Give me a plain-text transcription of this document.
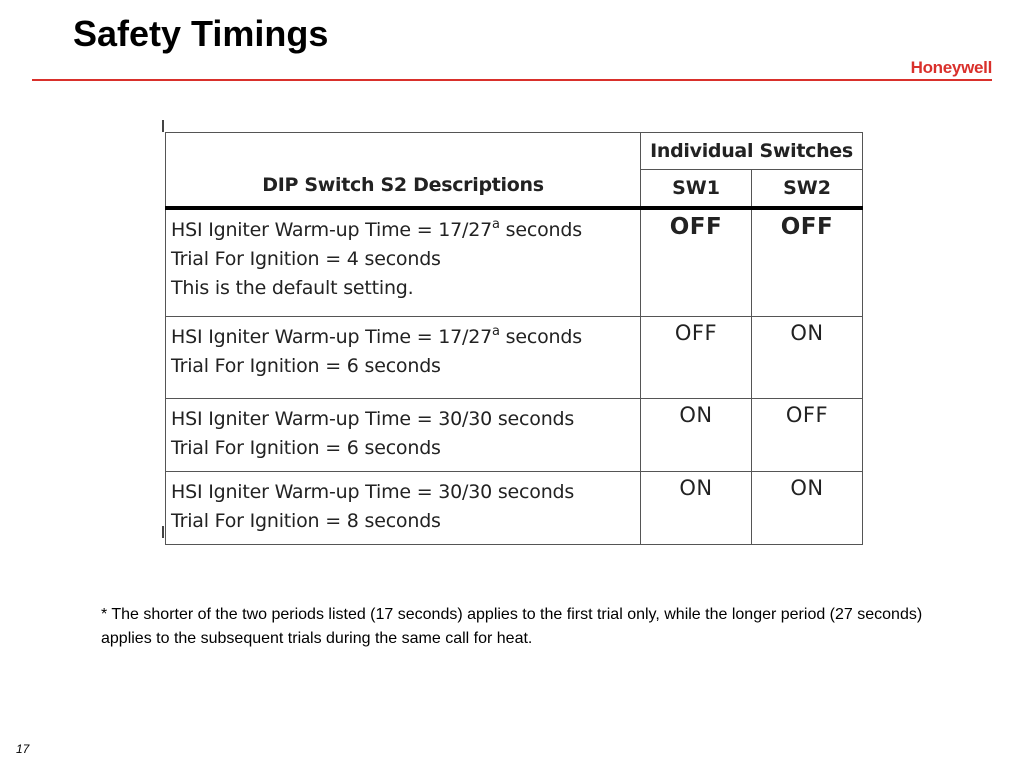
Safety Timings
Honeywell
DIP Switch S2 Descriptions	Individual Switches	
	SW1	SW2

HSI Igniter Warm-up Time = $17/27^a$ seconds
Trial For Ignition = 4 seconds
This is the default setting.	OFF	OFF

HSI Igniter Warm-up Time = $17/27^a$ seconds
Trial For Ignition = 6 seconds	OFF	ON

HSI Igniter Warm-up Time = 30/30 seconds
Trial For Ignition = 6 seconds	ON	OFF

HSI Igniter Warm-up Time = 30/30 seconds
Trial For Ignition = 8 seconds	ON	ON
* The shorter of the two periods listed (17 seconds) applies to the first trial only, while the longer period (27 seconds) applies to the subsequent trials during the same call for heat.
17
